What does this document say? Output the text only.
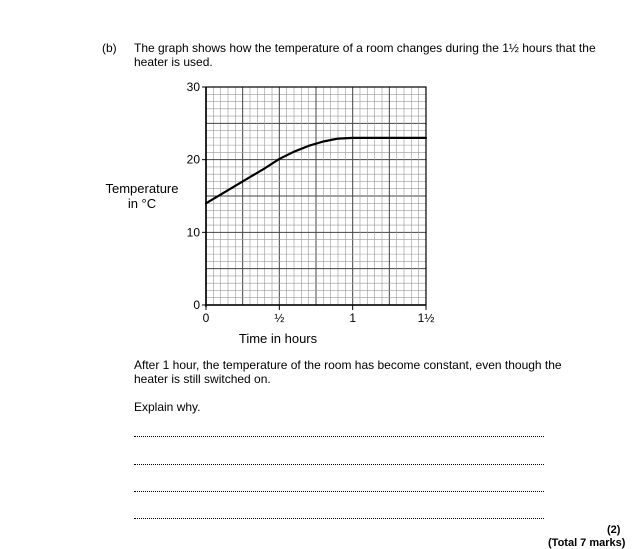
(b) The graph shows how the temperature of a room changes during the 1½ hours that the heater is used.
Temperature
in °C
0
10
20
30
0	½	1	1½
Time in hours
After 1 hour, the temperature of the room has become constant, even though the heater is still switched on.
Explain why.
(2)
(Total 7 marks)
